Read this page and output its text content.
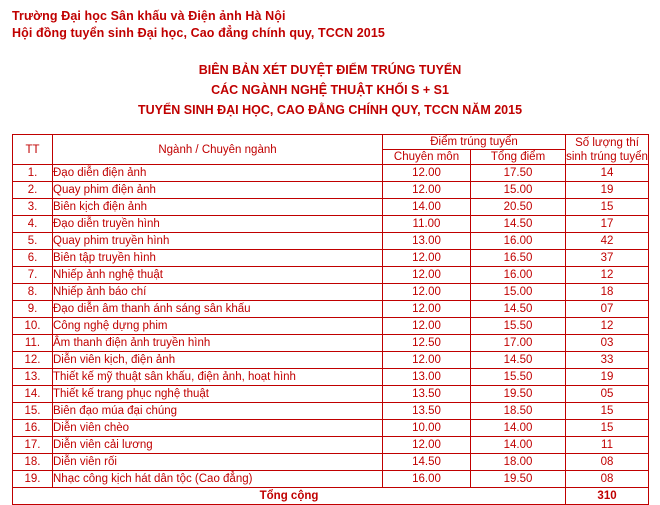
Trường Đại học Sân khấu và Điện ảnh Hà Nội
Hội đồng tuyển sinh Đại học, Cao đẳng chính quy, TCCN 2015
BIÊN BẢN XÉT DUYỆT ĐIỂM TRÚNG TUYỂN
CÁC NGÀNH NGHỆ THUẬT KHỐI S + S1
TUYỂN SINH ĐẠI HỌC, CAO ĐẲNG CHÍNH QUY, TCCN NĂM 2015
TT	Ngành / Chuyên ngành	Điểm trúng tuyển		Số lượng thí sinh trúng tuyển
		Chuyên môn	Tổng điểm	
1.	Đạo diễn điện ảnh	12.00	17.50	14
2.	Quay phim điện ảnh	12.00	15.00	19
3.	Biên kịch điện ảnh	14.00	20.50	15
4.	Đạo diễn truyền hình	11.00	14.50	17
5.	Quay phim truyền hình	13.00	16.00	42
6.	Biên tập truyền hình	12.00	16.50	37
7.	Nhiếp ảnh nghệ thuật	12.00	16.00	12
8.	Nhiếp ảnh báo chí	12.00	15.00	18
9.	Đạo diễn âm thanh ánh sáng sân khấu	12.00	14.50	07
10.	Công nghệ dựng phim	12.00	15.50	12
11.	Âm thanh điện ảnh truyền hình	12.50	17.00	03
12.	Diễn viên kịch, điện ảnh	12.00	14.50	33
13.	Thiết kế mỹ thuật sân khấu, điện ảnh, hoạt hình	13.00	15.50	19
14.	Thiết kế trang phục nghệ thuật	13.50	19.50	05
15.	Biên đạo múa đại chúng	13.50	18.50	15
16.	Diễn viên chèo	10.00	14.00	15
17.	Diễn viên cải lương	12.00	14.00	11
18.	Diễn viên rối	14.50	18.00	08
19.	Nhạc công kịch hát dân tộc (Cao đẳng)	16.00	19.50	08
Tổng cộng				310
